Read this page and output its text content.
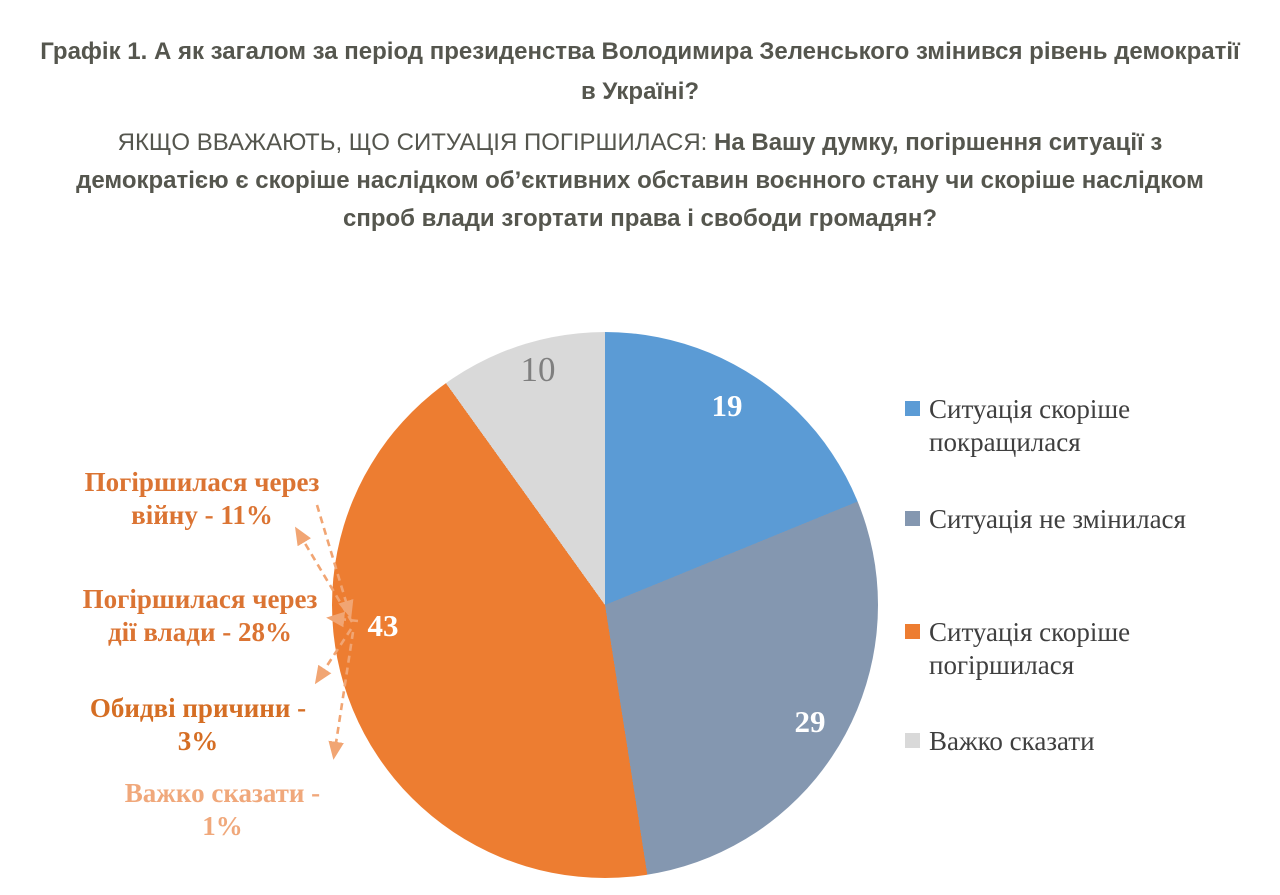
Графік 1. А як загалом за період президенства Володимира Зеленського змінився рівень демократії в Україні?
ЯКЩО ВВАЖАЮТЬ, ЩО СИТУАЦІЯ ПОГІРШИЛАСЯ: На Вашу думку, погіршення ситуації з демократією є скоріше наслідком об’єктивних обставин воєнного стану чи скоріше наслідком спроб влади згортати права і свободи громадян?
19
29
43
10
Погіршилася через
війну - 11%
Погіршилася через
дії влади - 28%
Обидві причини -
3%
Важко сказати -
1%
Ситуація скоріше покращилася
Ситуація не змінилася
Ситуація скоріше погіршилася
Важко сказати
